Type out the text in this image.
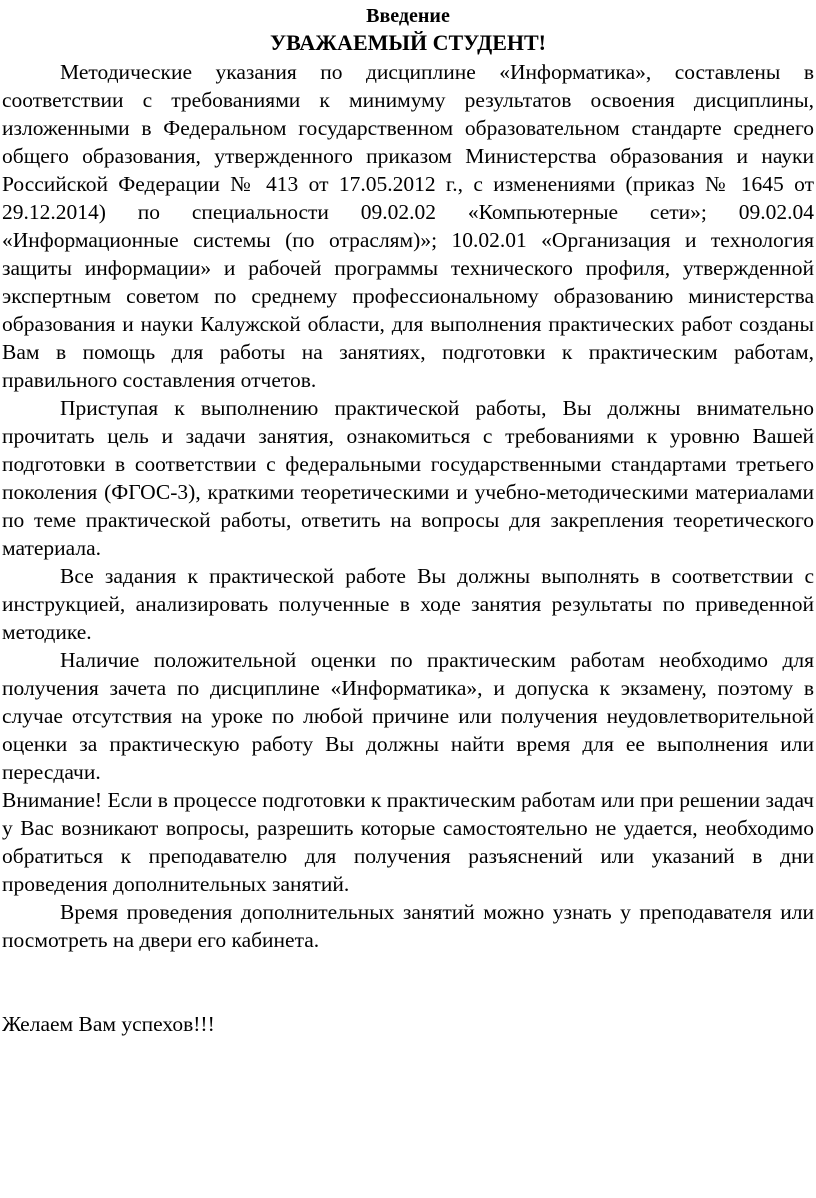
Введение

УВАЖАЕМЫЙ СТУДЕНТ!

Методические указания по дисциплине «Информатика», составлены в соответствии с требованиями к минимуму результатов освоения дисциплины, изложенными в Федеральном государственном образовательном стандарте среднего общего образования, утвержденного приказом Министерства образования и науки Российской Федерации № 413 от 17.05.2012 г., с изменениями (приказ № 1645 от 29.12.2014) по специальности 09.02.02 «Компьютерные сети»; 09.02.04 «Информационные системы (по отраслям)»; 10.02.01 «Организация и технология защиты информации» и рабочей программы технического профиля, утвержденной экспертным советом по среднему профессиональному образованию министерства образования и науки Калужской области, для выполнения практических работ созданы Вам в помощь для работы на занятиях, подготовки к практическим работам, правильного составления отчетов.

Приступая к выполнению практической работы, Вы должны внимательно прочитать цель и задачи занятия, ознакомиться с требованиями к уровню Вашей подготовки в соответствии с федеральными государственными стандартами третьего поколения (ФГОС-3), краткими теоретическими и учебно-методическими материалами по теме практической работы, ответить на вопросы для закрепления теоретического материала.

Все задания к практической работе Вы должны выполнять в соответствии с инструкцией, анализировать полученные в ходе занятия результаты по приведенной методике.

Наличие положительной оценки по практическим работам необходимо для получения зачета по дисциплине «Информатика», и допуска к экзамену, поэтому в случае отсутствия на уроке по любой причине или получения неудовлетворительной оценки за практическую работу Вы должны найти время для ее выполнения или пересдачи.

Внимание! Если в процессе подготовки к практическим работам или при решении задач у Вас возникают вопросы, разрешить которые самостоятельно не удается, необходимо обратиться к преподавателю для получения разъяснений или указаний в дни проведения дополнительных занятий.

Время проведения дополнительных занятий можно узнать у преподавателя или посмотреть на двери его кабинета.

Желаем Вам успехов!!!
